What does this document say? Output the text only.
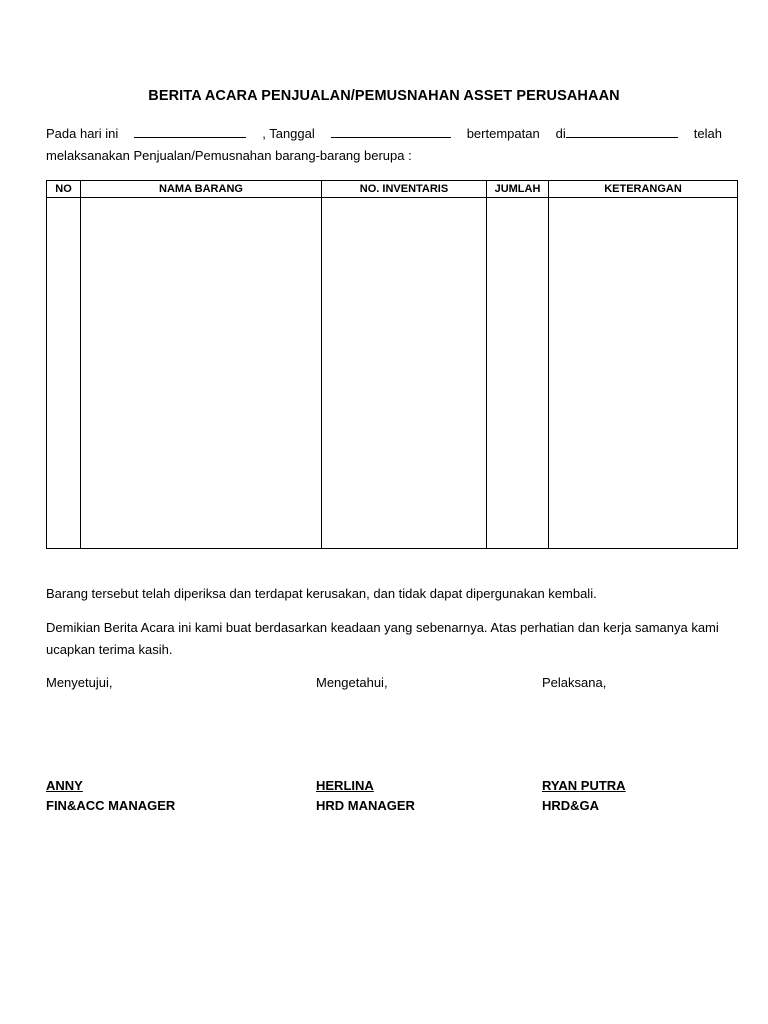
BERITA ACARA PENJUALAN/PEMUSNAHAN ASSET PERUSAHAAN
Pada hari ini	, Tanggal	bertempatan di	telah
melaksanakan Penjualan/Pemusnahan barang-barang berupa :
NO	NAMA BARANG	NO. INVENTARIS	JUMLAH	KETERANGAN

Barang tersebut telah diperiksa dan terdapat kerusakan, dan tidak dapat dipergunakan kembali.
Demikian Berita Acara ini kami buat berdasarkan keadaan yang sebenarnya. Atas perhatian dan kerja samanya kami ucapkan terima kasih.
Menyetujui,	Mengetahui,	Pelaksana,
ANNY	HERLINA	RYAN PUTRA
FIN&ACC MANAGER	HRD MANAGER	HRD&GA
